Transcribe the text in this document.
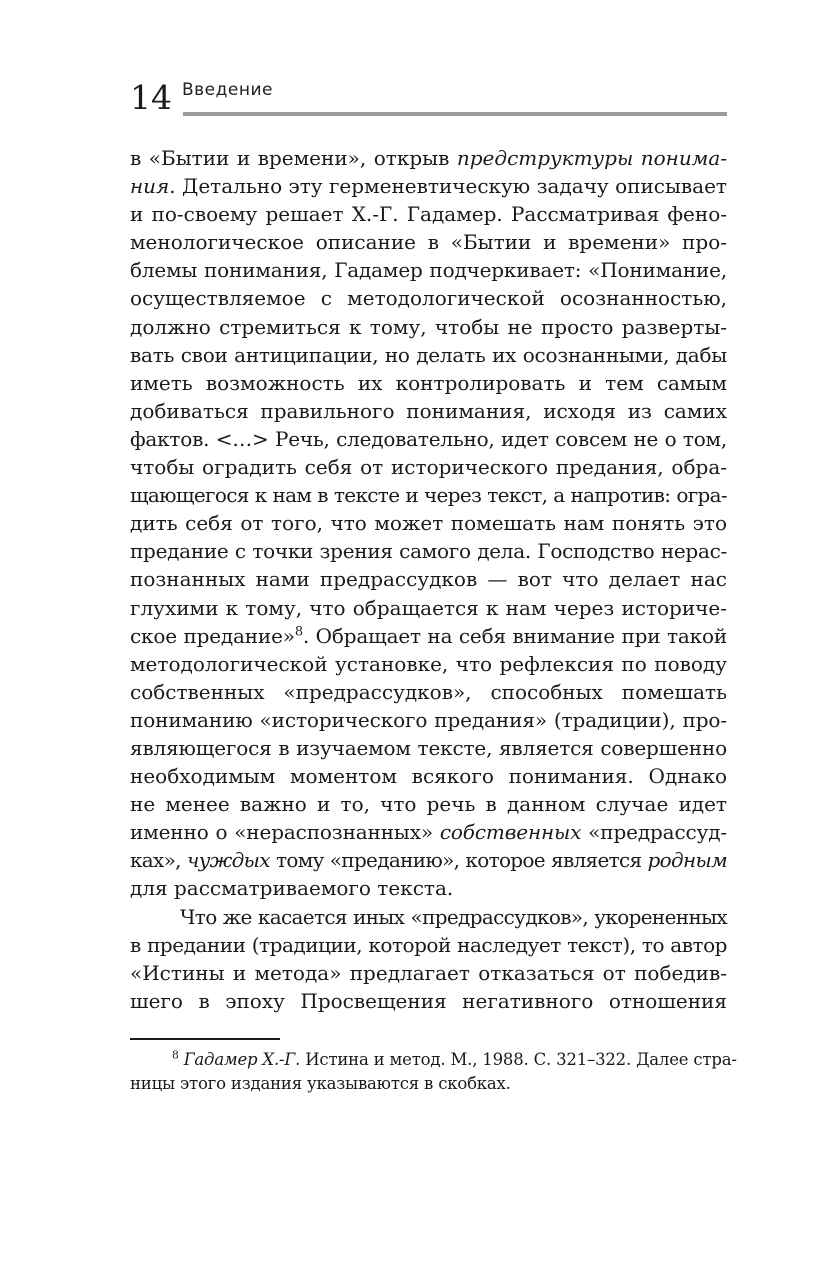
14 Введение
в «Бытии и времени», открыв предструктуры понима-
ния. Детально эту герменевтическую задачу описывает
и по-своему решает Х.-Г. Гадамер. Рассматривая фено-
менологическое описание в «Бытии и времени» про-
блемы понимания, Гадамер подчеркивает: «Понимание,
осуществляемое с методологической осознанностью,
должно стремиться к тому, чтобы не просто разверты-
вать свои антиципации, но делать их осознанными, дабы
иметь возможность их контролировать и тем самым
добиваться правильного понимания, исходя из самих
фактов. <…> Речь, следовательно, идет совсем не о том,
чтобы оградить себя от исторического предания, обра-
щающегося к нам в тексте и через текст, а напротив: огра-
дить себя от того, что может помешать нам понять это
предание с точки зрения самого дела. Господство нерас-
познанных нами предрассудков — вот что делает нас
глухими к тому, что обращается к нам через историче-
ское предание»$^8$. Обращает на себя внимание при такой
методологической установке, что рефлексия по поводу
собственных «предрассудков», способных помешать
пониманию «исторического предания» (традиции), про-
являющегося в изучаемом тексте, является совершенно
необходимым моментом всякого понимания. Однако
не менее важно и то, что речь в данном случае идет
именно о «нераспознанных» собственных «предрассуд-
ках», чуждых тому «преданию», которое является родным
для рассматриваемого текста.
Что же касается иных «предрассудков», укорененных
в предании (традиции, которой наследует текст), то автор
«Истины и метода» предлагает отказаться от победив-
шего в эпоху Просвещения негативного отношения
$^8$ Гадамер Х.-Г. Истина и метод. М., 1988. С. 321–322. Далее стра-
ницы этого издания указываются в скобках.
